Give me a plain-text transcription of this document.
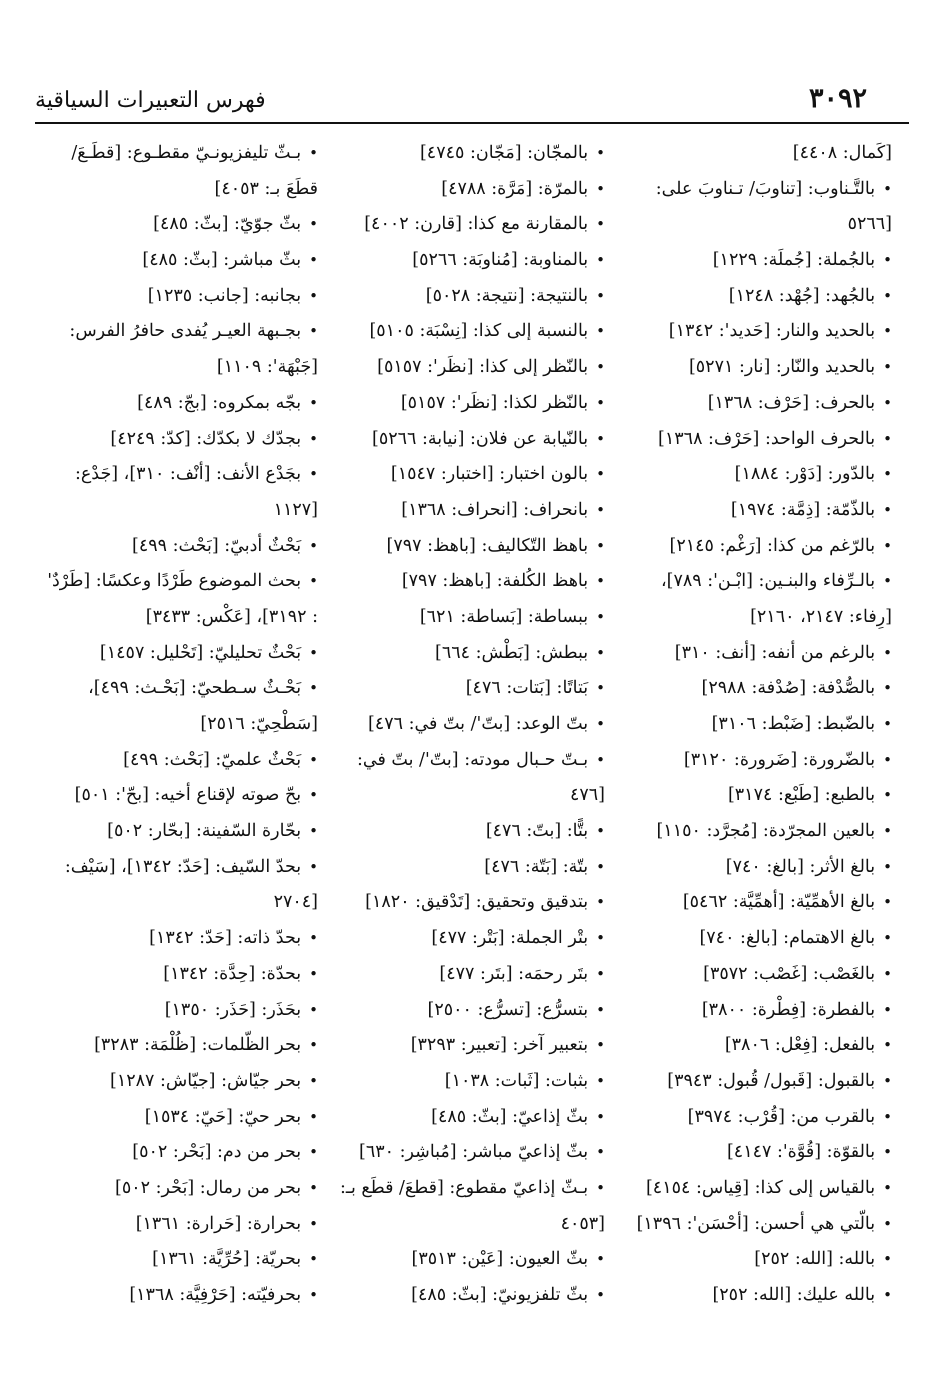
٣٠٩٢
فهرس التعبيرات السياقية
[كَمال: ٤٤٠٨]
• بالتَّـناوب: [تناوبَ/ تـناوبَ على:
[٥٢٦٦
• بالجُملة: [جُملَة: ١٢٢٩]
• بالجُهد: [جُهْد: ١٢٤٨]
• بالحديد والنار: [حَديد': ١٣٤٢]
• بالحديد والنّار: [نار: ٥٢٧١]
• بالحرف: [حَرْف: ١٣٦٨]
• بالحرف الواحد: [حَرْف: ١٣٦٨]
• بالدّور: [دَوْر: ١٨٨٤]
• بالذّمّة: [ذِمَّة: ١٩٧٤]
• بالرّغم من كذا: [رَغْم: ٢١٤٥]
• بالـرِّفاء والبنـين: [ابْـن': ٧٨٩]،
[رِفاء: ٢١٤٧، ٢١٦٠]
• بالرغم من أنفه: [أنف: ٣١٠]
• بالصُّدْفة: [صُدْفة: ٢٩٨٨]
• بالضّبط: [ضَبْط: ٣١٠٦]
• بالضّرورة: [ضَرورة: ٣١٢٠]
• بالطبع: [طَبْع: ٣١٧٤]
• بالعين المجرّدة: [مُجرَّد: ١١٥٠]
• بالغ الأثر: [بالغ: ٧٤٠]
• بالغ الأهمِّيّة: [أهمِّيَّة: ٥٤٦٢]
• بالغ الاهتمام: [بالغ: ٧٤٠]
• بالغَصْب: [غَصْب: ٣٥٧٢]
• بالفطرة: [فِطْرة: ٣٨٠٠]
• بالفعل: [فِعْل: ٣٨٠٦]
• بالقبول: [قَبول/ قُبول: ٣٩٤٣]
• بالقرب من: [قُرْب: ٣٩٧٤]
• بالقوّة: [قُوَّة': ٤١٤٧]
• بالقياس إلى كذا: [قِياس: ٤١٥٤]
• بالّتي هي أحسن: [أحْسَن': ١٣٩٦]
• بالله: [الله: ٢٥٢]
• بالله عليك: [الله: ٢٥٢]
• بالمجّان: [مَجّان: ٤٧٤٥]
• بالمرّة: [مَرَّة: ٤٧٨٨]
• بالمقارنة مع كذا: [قارن: ٤٠٠٢]
• بالمناوبة: [مُناوبَة: ٥٢٦٦]
• بالنتيجة: [نتيجة: ٥٠٢٨]
• بالنسبة إلى كذا: [نِسْبَة: ٥١٠٥]
• بالنّظر إلى كذا: [نظَر': ٥١٥٧]
• بالنّظر لكذا: [نظَر': ٥١٥٧]
• بالنّيابة عن فلان: [نيابة: ٥٢٦٦]
• بالون اختبار: [اختبار: ١٥٤٧]
• بانحراف: [انحراف: ١٣٦٨]
• باهظ التّكاليف: [باهظ: ٧٩٧]
• باهظ الكُلفة: [باهظ: ٧٩٧]
• ببساطة: [بَساطة: ٦٢١]
• ببطش: [بَطْش: ٦٦٤]
• بَتاتًا: [بَتات: ٤٧٦]
• بتّ الوعد: [بتّ'/ بتّ في: ٤٧٦]
• بـتّ حـبال مودته: [بتّ'/ بتّ في:
[٤٧٦
• بتًّا: [بتّ: ٤٧٦]
• بتّة: [بَتّة: ٤٧٦]
• بتدقيق وتحقيق: [تَدْقيق: ١٨٢٠]
• بتْر الجملة: [بَتْر: ٤٧٧]
• بتَر رحمَه: [بتَر: ٤٧٧]
• بتسرُّع: [تسرُّع: ٢٥٠٠]
• بتعبير آخر: [تعبير: ٣٢٩٣]
• بثبات: [ثَبات: ١٠٣٨]
• بثّ إذاعيّ: [بثّ: ٤٨٥]
• بثّ إذاعيّ مباشر: [مُباشِر: ٦٣٠]
• بـثّ إذاعيّ مقطوع: [قطعَ/ قطَع بـ:
[٤٠٥٣
• بثّ العيون: [عَيْن: ٣٥١٣]
• بثّ تلفزيونيّ: [بثّ: ٤٨٥]
• بـثّ تليفزيونـيّ مقطـوع: [قطَـعَ/
قطَعَ بـ: ٤٠٥٣]
• بثّ جوّيّ: [بثّ: ٤٨٥]
• بثّ مباشر: [بثّ: ٤٨٥]
• بجانبه: [جانب: ١٢٣٥]
• بجـبهة العيـر يُفدى حافرُ الفرس:
[جَبْهَة': ١١٠٩]
• بجّه بمكروه: [بجّ: ٤٨٩]
• بجدّك لا بكدّك: [كدّ: ٤٢٤٩]
• بجَدْع الأنف: [أنْف: ٣١٠]، [جَدْع:
[١١٢٧
• بَحْثٌ أدبيّ: [بَحْث: ٤٩٩]
• بحث الموضوع طَرْدًا وعكسًا: [طَرْدٌ'
: ٣١٩٢]، [عَكْس: ٣٤٣٣]
• بَحْثٌ تحليليّ: [تَحْليل: ١٤٥٧]
• بَحْـثٌ سـطحيّ: [بَحْـث: ٤٩٩]،
[سَطْحِيّ: ٢٥١٦]
• بَحْثٌ علميّ: [بَحْث: ٤٩٩]
• بحّ صوته لإقناع أخيه: [بحّ': ٥٠١]
• بحّارة السّفينة: [بحّار: ٥٠٢]
• بحدّ السّيف: [حَدّ: ١٣٤٢]، [سَيْف:
[٢٧٠٤
• بحدّ ذاته: [حَدّ: ١٣٤٢]
• بحدّة: [حِدَّة: ١٣٤٢]
• بحَذَر: [حَذَر: ١٣٥٠]
• بحر الظّلمات: [ظُلْمَة: ٣٢٨٣]
• بحر جيّاش: [جيّاش: ١٢٨٧]
• بحر حيّ: [حَيّ: ١٥٣٤]
• بحر من دم: [بَحْر: ٥٠٢]
• بحر من رمال: [بَحْر: ٥٠٢]
• بحرارة: [حَرارة: ١٣٦١]
• بحريّة: [حُرِّيَّة: ١٣٦١]
• بحرفيّته: [حَرْفِيَّة: ١٣٦٨]
